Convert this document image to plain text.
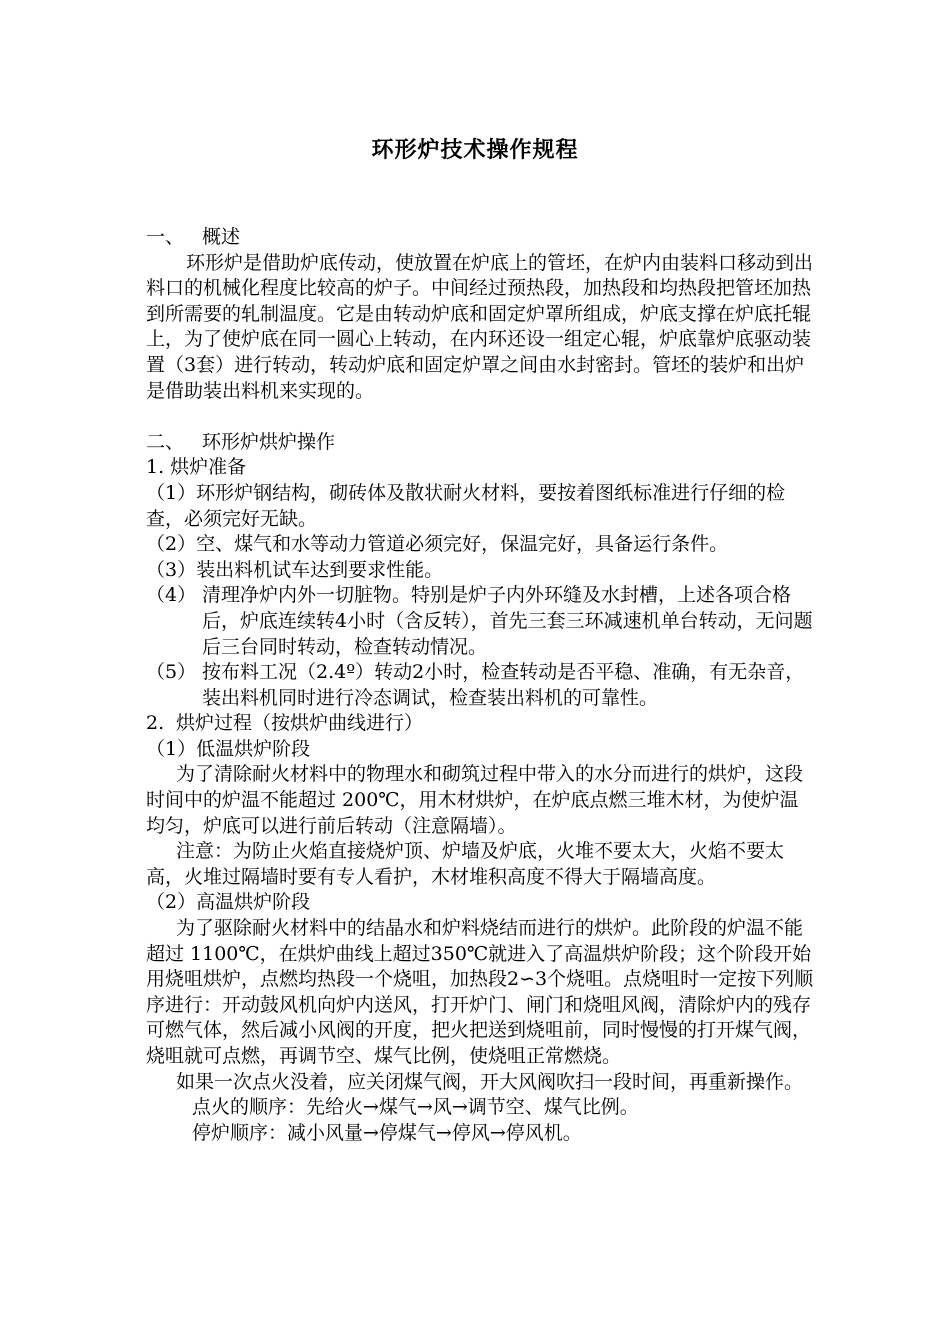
环形炉技术操作规程

一、 概述

环形炉是借助炉底传动，使放置在炉底上的管坯，在炉内由装料口移动到出料口的机械化程度比较高的炉子。中间经过预热段，加热段和均热段把管坯加热到所需要的轧制温度。它是由转动炉底和固定炉罩所组成，炉底支撑在炉底托辊上，为了使炉底在同一圆心上转动，在内环还设一组定心辊，炉底靠炉底驱动装置（3套）进行转动，转动炉底和固定炉罩之间由水封密封。管坯的装炉和出炉是借助装出料机来实现的。

二、 环形炉烘炉操作

1. 烘炉准备

（1）环形炉钢结构，砌砖体及散状耐火材料，要按着图纸标准进行仔细的检查，必须完好无缺。

（2）空、煤气和水等动力管道必须完好，保温完好，具备运行条件。

（3）装出料机试车达到要求性能。

（4） 清理净炉内外一切脏物。特别是炉子内外环缝及水封槽，上述各项合格后，炉底连续转4小时（含反转），首先三套三环减速机单台转动，无问题后三台同时转动，检查转动情况。

（5） 按布料工况（2.4º）转动2小时，检查转动是否平稳、准确，有无杂音，装出料机同时进行冷态调试，检查装出料机的可靠性。

2. 烘炉过程（按烘炉曲线进行）

（1）低温烘炉阶段

为了清除耐火材料中的物理水和砌筑过程中带入的水分而进行的烘炉，这段时间中的炉温不能超过 200℃，用木材烘炉，在炉底点燃三堆木材，为使炉温均匀，炉底可以进行前后转动（注意隔墙）。

注意：为防止火焰直接烧炉顶、炉墙及炉底，火堆不要太大，火焰不要太高，火堆过隔墙时要有专人看护，木材堆积高度不得大于隔墙高度。

（2）高温烘炉阶段

为了驱除耐火材料中的结晶水和炉料烧结而进行的烘炉。此阶段的炉温不能超过 1100℃，在烘炉曲线上超过350℃就进入了高温烘炉阶段；这个阶段开始用烧咀烘炉，点燃均热段一个烧咀，加热段2∽3个烧咀。点烧咀时一定按下列顺序进行：开动鼓风机向炉内送风，打开炉门、闸门和烧咀风阀，清除炉内的残存可燃气体，然后减小风阀的开度，把火把送到烧咀前，同时慢慢的打开煤气阀，烧咀就可点燃，再调节空、煤气比例，使烧咀正常燃烧。

如果一次点火没着，应关闭煤气阀，开大风阀吹扫一段时间，再重新操作。

点火的顺序：先给火→煤气→风→调节空、煤气比例。

停炉顺序：减小风量→停煤气→停风→停风机。
